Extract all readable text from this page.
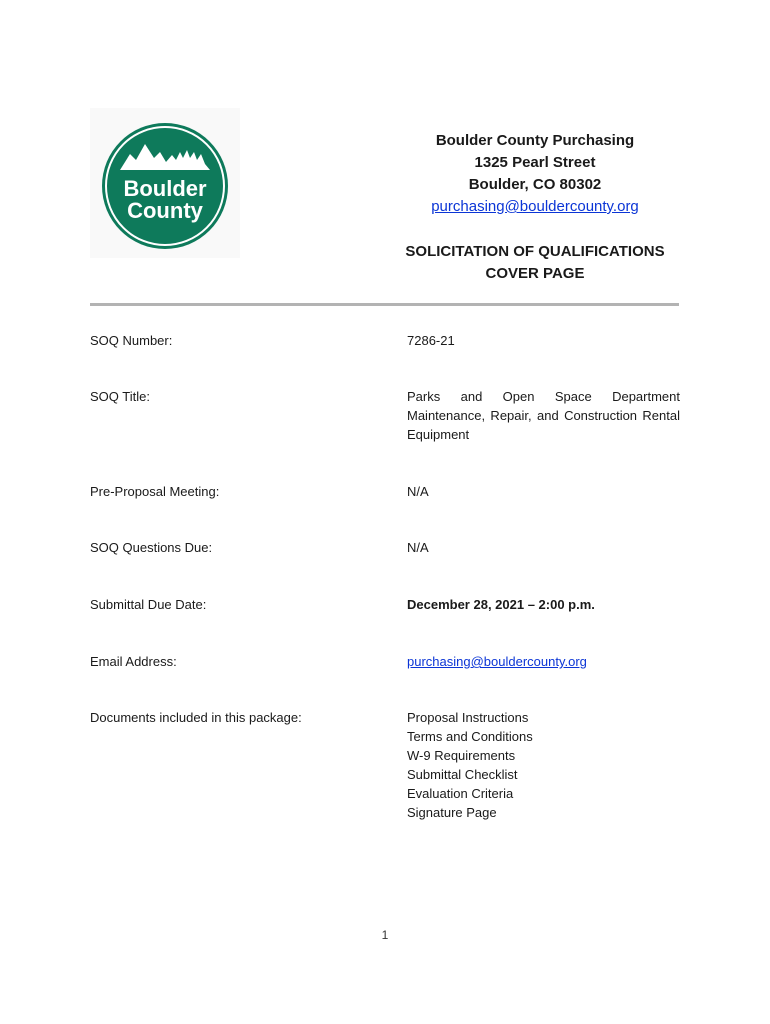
Boulder
County
Boulder County Purchasing
1325 Pearl Street
Boulder, CO 80302
purchasing@bouldercounty.org
SOLICITATION OF QUALIFICATIONS
COVER PAGE
SOQ Number:	7286-21
SOQ Title:	Parks and Open Space Department Maintenance, Repair, and Construction Rental Equipment
Pre-Proposal Meeting:	N/A
SOQ Questions Due:	N/A
Submittal Due Date:	December 28, 2021 – 2:00 p.m.
Email Address:	purchasing@bouldercounty.org
Documents included in this package:	Proposal Instructions
Terms and Conditions
W-9 Requirements
Submittal Checklist
Evaluation Criteria
Signature Page
1
